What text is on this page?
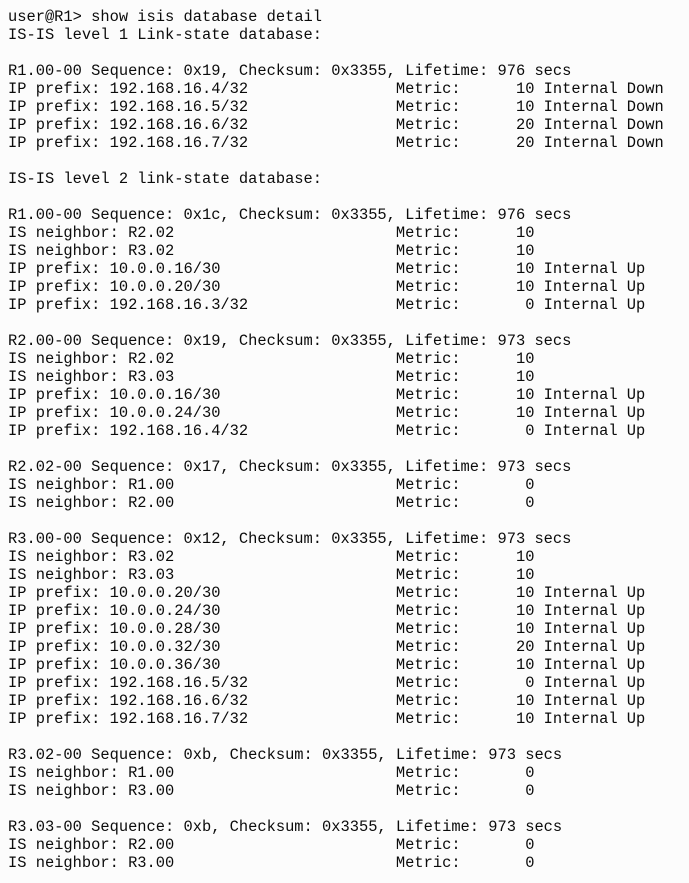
user@R1> show isis database detail
IS-IS level 1 Link-state database:
R1.00-00 Sequence: 0x19, Checksum: 0x3355, Lifetime: 976 secs
IP prefix: 192.168.16.4/32                Metric:      10 Internal Down
IP prefix: 192.168.16.5/32                Metric:      10 Internal Down
IP prefix: 192.168.16.6/32                Metric:      20 Internal Down
IP prefix: 192.168.16.7/32                Metric:      20 Internal Down
IS-IS level 2 link-state database:
R1.00-00 Sequence: 0x1c, Checksum: 0x3355, Lifetime: 976 secs
IS neighbor: R2.02                        Metric:      10
IS neighbor: R3.02                        Metric:      10
IP prefix: 10.0.0.16/30                   Metric:      10 Internal Up
IP prefix: 10.0.0.20/30                   Metric:      10 Internal Up
IP prefix: 192.168.16.3/32                Metric:       0 Internal Up
R2.00-00 Sequence: 0x19, Checksum: 0x3355, Lifetime: 973 secs
IS neighbor: R2.02                        Metric:      10
IS neighbor: R3.03                        Metric:      10
IP prefix: 10.0.0.16/30                   Metric:      10 Internal Up
IP prefix: 10.0.0.24/30                   Metric:      10 Internal Up
IP prefix: 192.168.16.4/32                Metric:       0 Internal Up
R2.02-00 Sequence: 0x17, Checksum: 0x3355, Lifetime: 973 secs
IS neighbor: R1.00                        Metric:       0
IS neighbor: R2.00                        Metric:       0
R3.00-00 Sequence: 0x12, Checksum: 0x3355, Lifetime: 973 secs
IS neighbor: R3.02                        Metric:      10
IS neighbor: R3.03                        Metric:      10
IP prefix: 10.0.0.20/30                   Metric:      10 Internal Up
IP prefix: 10.0.0.24/30                   Metric:      10 Internal Up
IP prefix: 10.0.0.28/30                   Metric:      10 Internal Up
IP prefix: 10.0.0.32/30                   Metric:      20 Internal Up
IP prefix: 10.0.0.36/30                   Metric:      10 Internal Up
IP prefix: 192.168.16.5/32                Metric:       0 Internal Up
IP prefix: 192.168.16.6/32                Metric:      10 Internal Up
IP prefix: 192.168.16.7/32                Metric:      10 Internal Up
R3.02-00 Sequence: 0xb, Checksum: 0x3355, Lifetime: 973 secs
IS neighbor: R1.00                        Metric:       0
IS neighbor: R3.00                        Metric:       0
R3.03-00 Sequence: 0xb, Checksum: 0x3355, Lifetime: 973 secs
IS neighbor: R2.00                        Metric:       0
IS neighbor: R3.00                        Metric:       0
